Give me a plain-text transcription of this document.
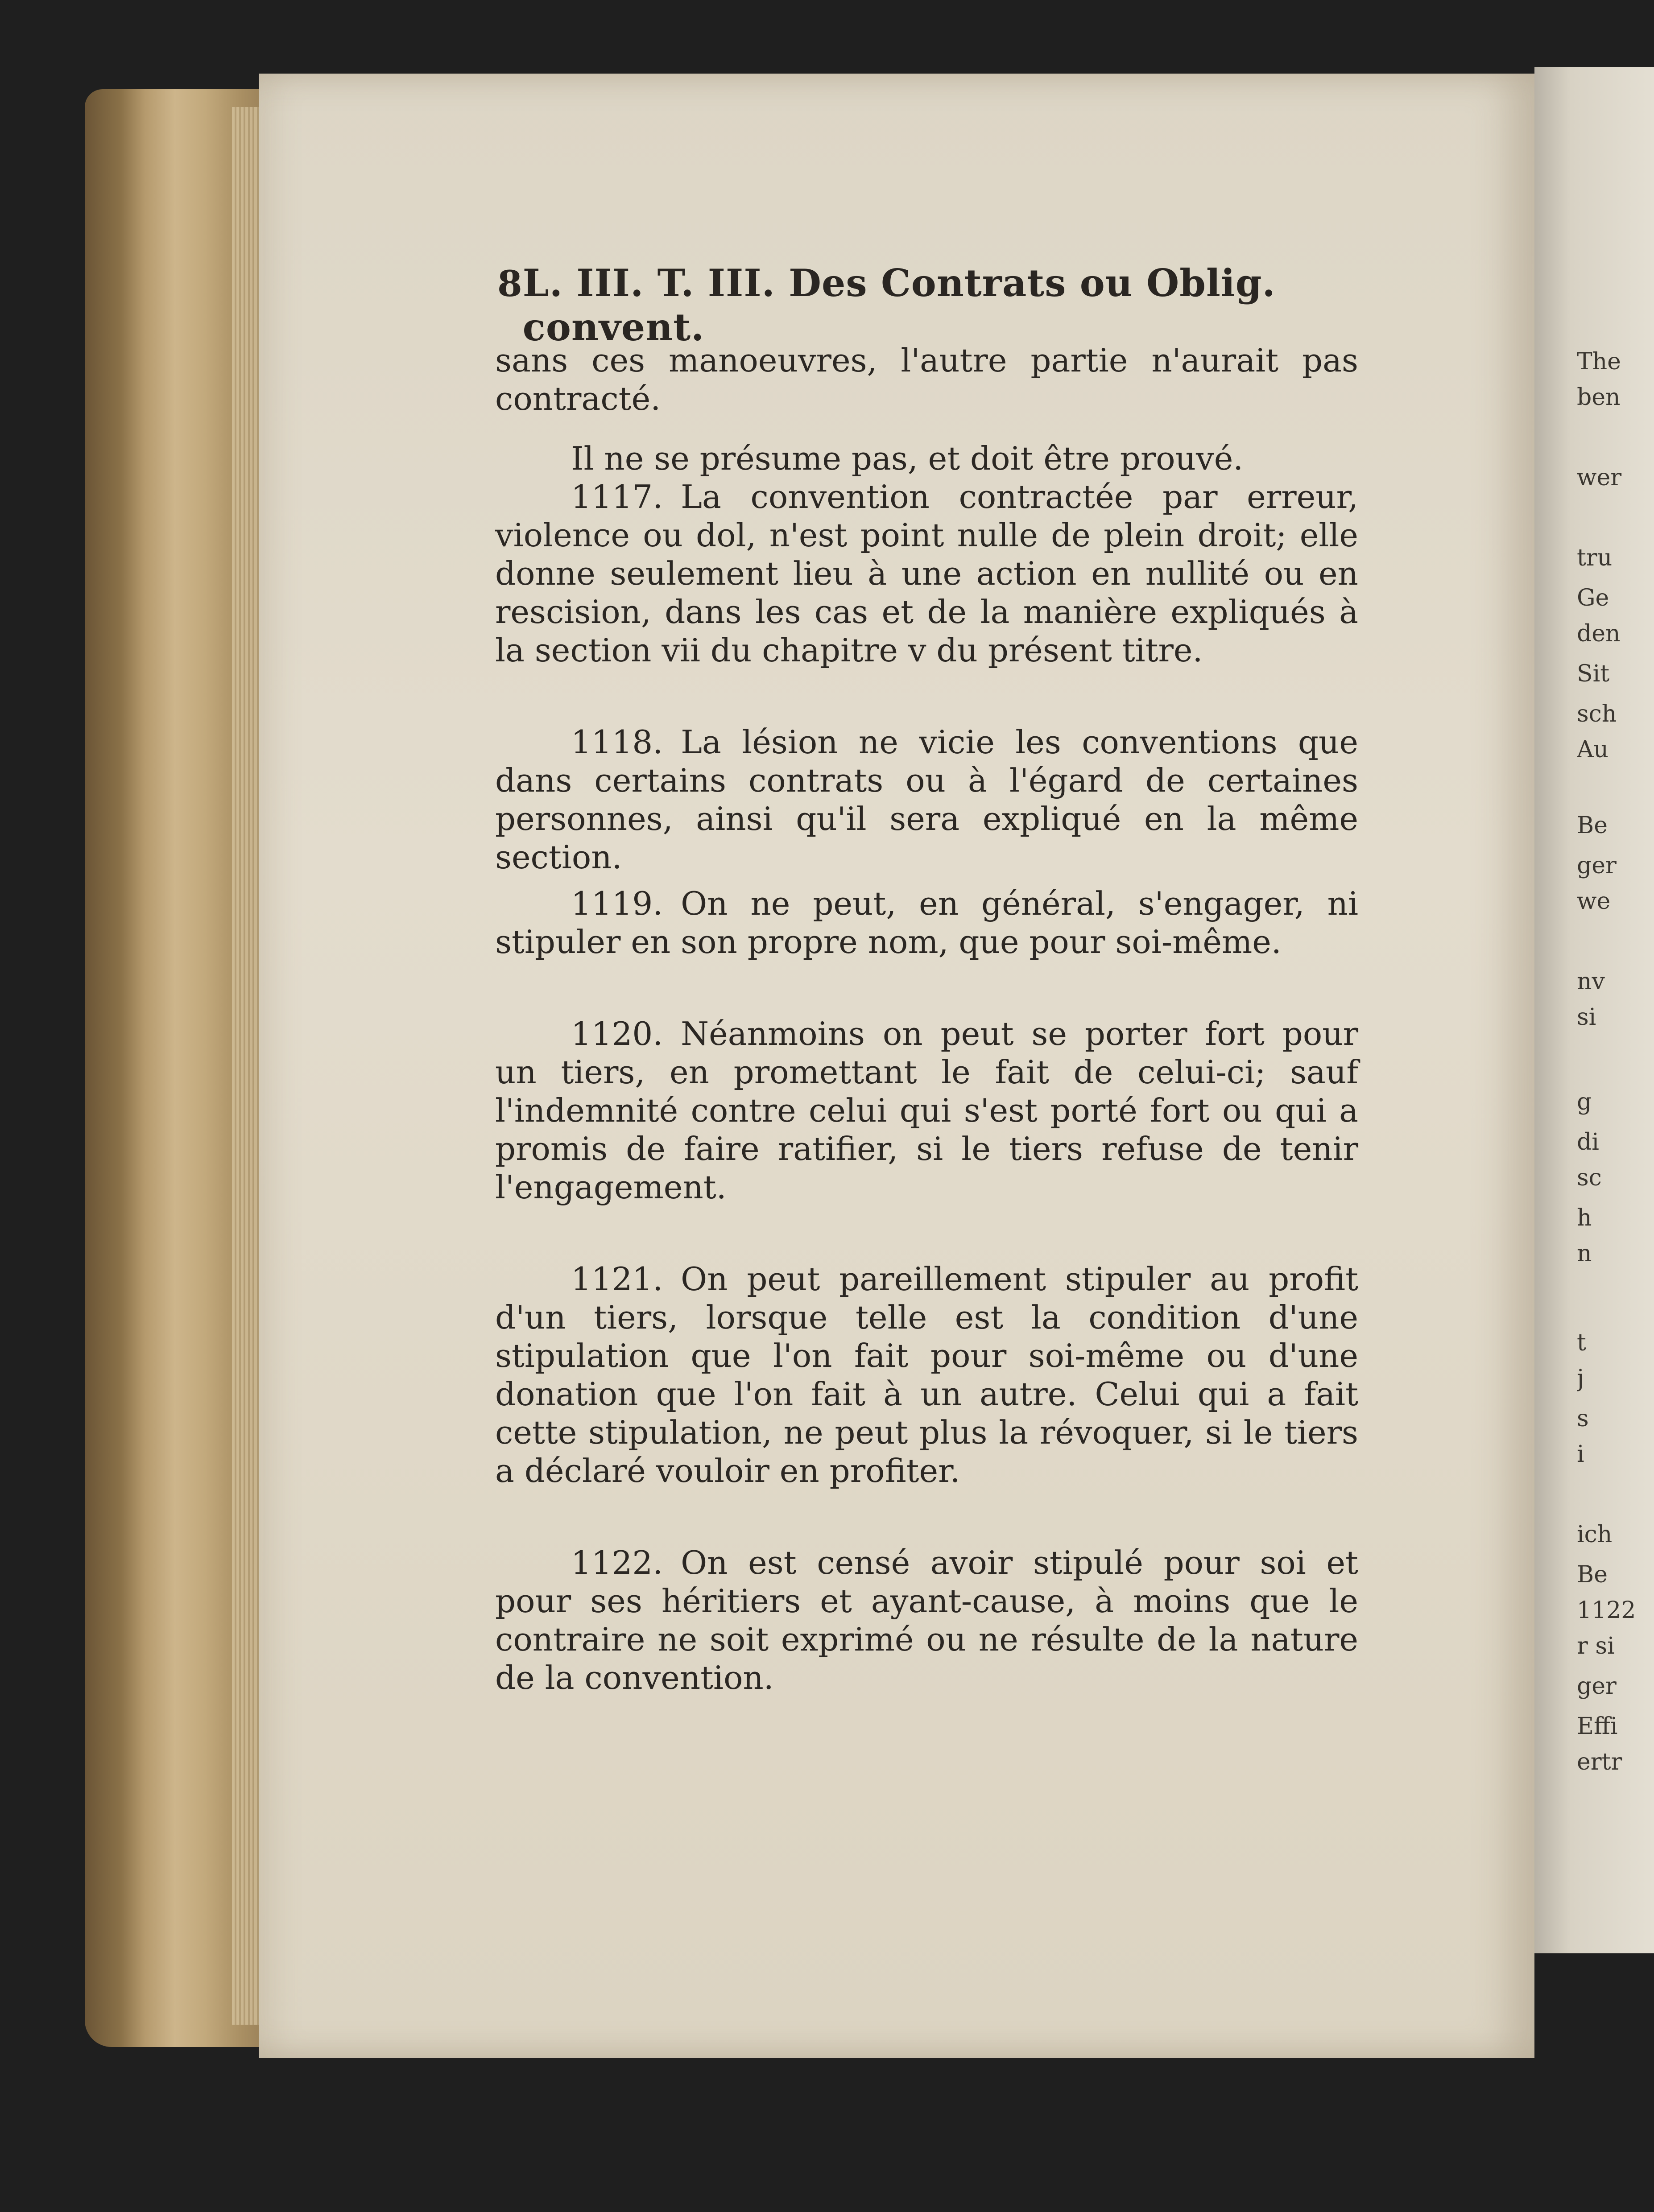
The
ben
wer
tru
Ge
den
Sit
sch
Au
Be
ger
we
nv
si
g
di
sc
h
n
t
j
s
i
ich
Be
1122
r si
ger
Effi
ertr
8 L. III. T. III. Des Contrats ou Oblig. convent.

sans ces manoeuvres, l'autre partie n'aurait pas contracté.

Il ne se présume pas, et doit être prouvé.

1117. La convention contractée par erreur, violence ou dol, n'est point nulle de plein droit; elle donne seulement lieu à une action en nullité ou en rescision, dans les cas et de la manière expliqués à la section vii du chapitre v du présent titre.

1118. La lésion ne vicie les conventions que dans certains contrats ou à l'égard de certaines personnes, ainsi qu'il sera expliqué en la même section.

1119. On ne peut, en général, s'engager, ni stipuler en son propre nom, que pour soi-même.

1120. Néanmoins on peut se porter fort pour un tiers, en promettant le fait de celui-ci; sauf l'indemnité contre celui qui s'est porté fort ou qui a promis de faire ratifier, si le tiers refuse de tenir l'engagement.

1121. On peut pareillement stipuler au profit d'un tiers, lorsque telle est la condition d'une stipulation que l'on fait pour soi-même ou d'une donation que l'on fait à un autre. Celui qui a fait cette stipulation, ne peut plus la révoquer, si le tiers a déclaré vouloir en profiter.

1122. On est censé avoir stipulé pour soi et pour ses héritiers et ayant-cause, à moins que le contraire ne soit exprimé ou ne résulte de la nature de la convention.
